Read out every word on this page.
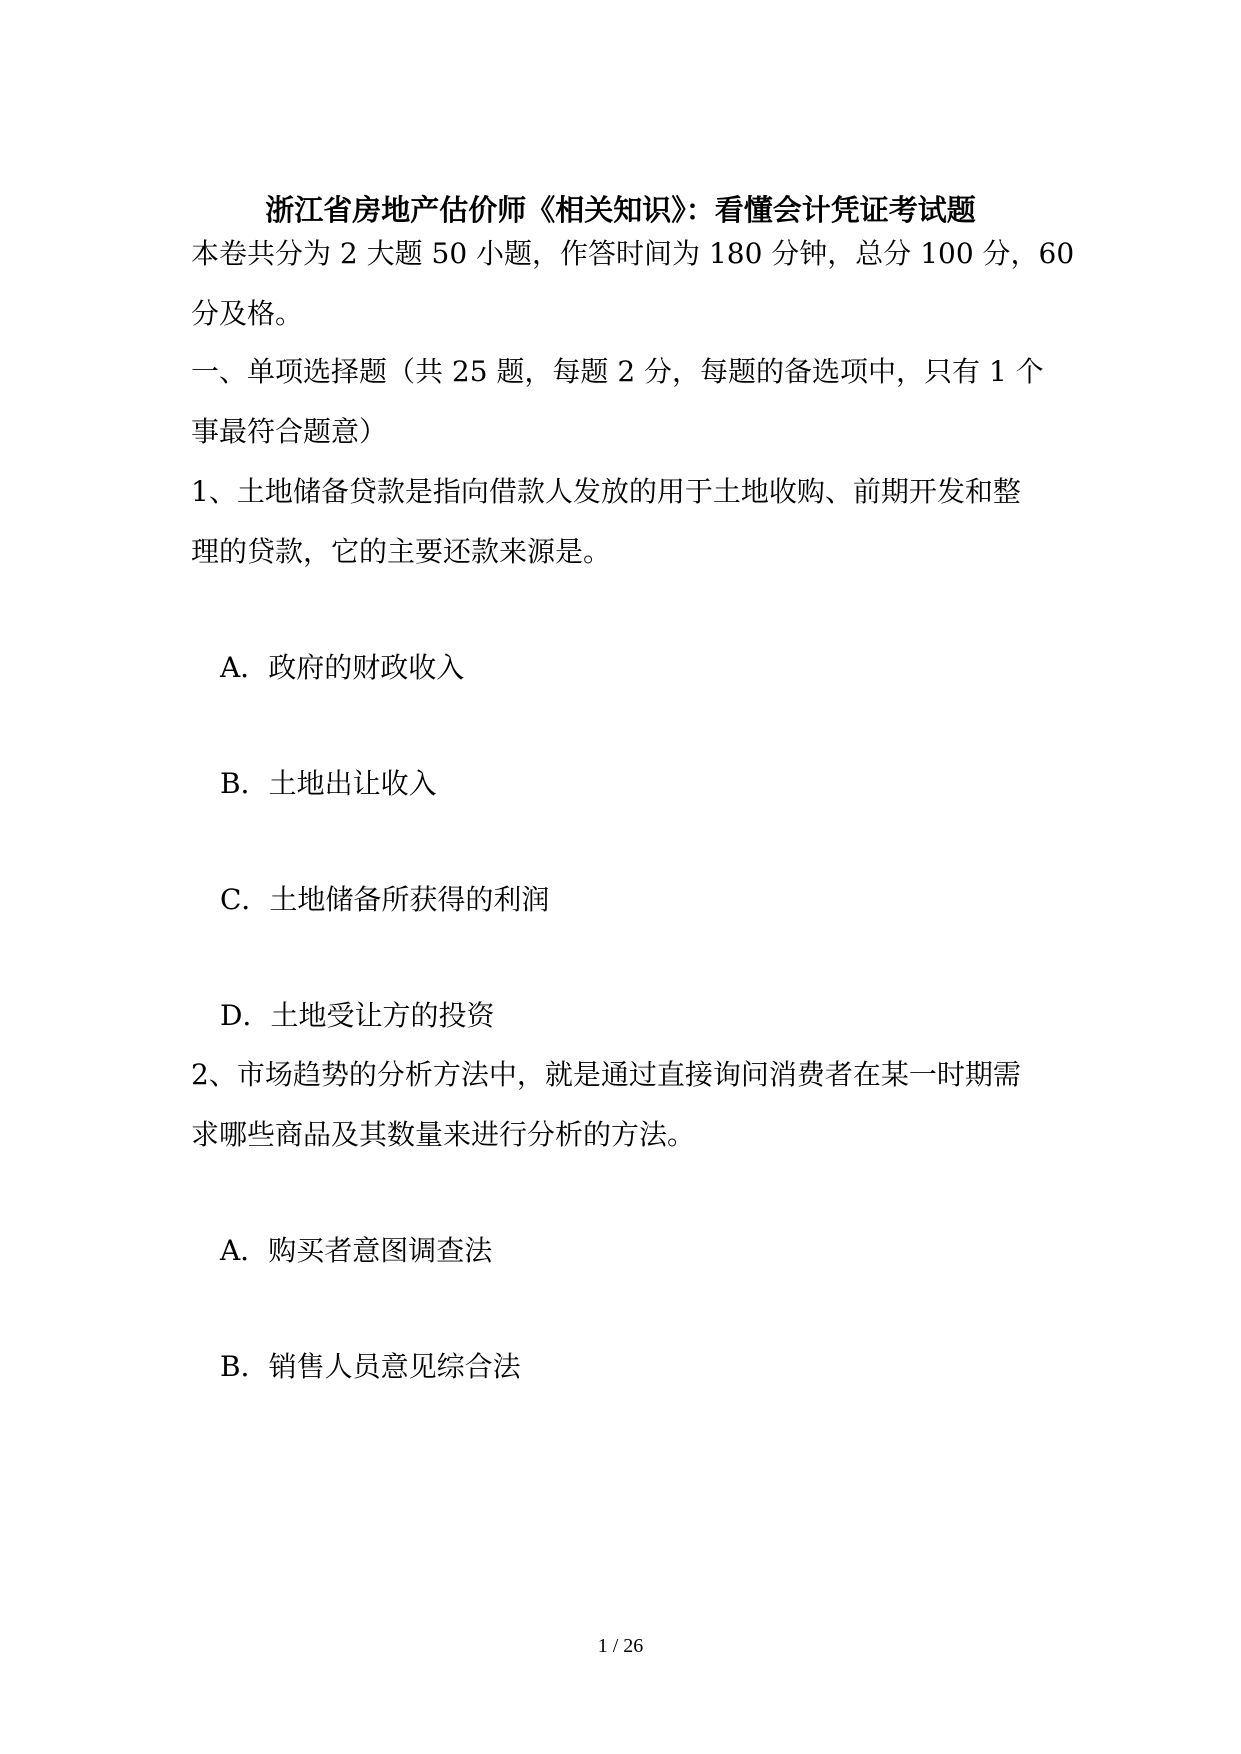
浙江省房地产估价师《相关知识》：看懂会计凭证考试题
本卷共分为 2 大题 50 小题，作答时间为 180 分钟，总分 100 分，60
分及格。
一、单项选择题（共 25 题，每题 2 分，每题的备选项中，只有 1 个
事最符合题意）
1、土地储备贷款是指向借款人发放的用于土地收购、前期开发和整
理的贷款，它的主要还款来源是。
A．政府的财政收入
B．土地出让收入
C．土地储备所获得的利润
D．土地受让方的投资
2、市场趋势的分析方法中，就是通过直接询问消费者在某一时期需
求哪些商品及其数量来进行分析的方法。
A．购买者意图调查法
B．销售人员意见综合法
1 / 26
